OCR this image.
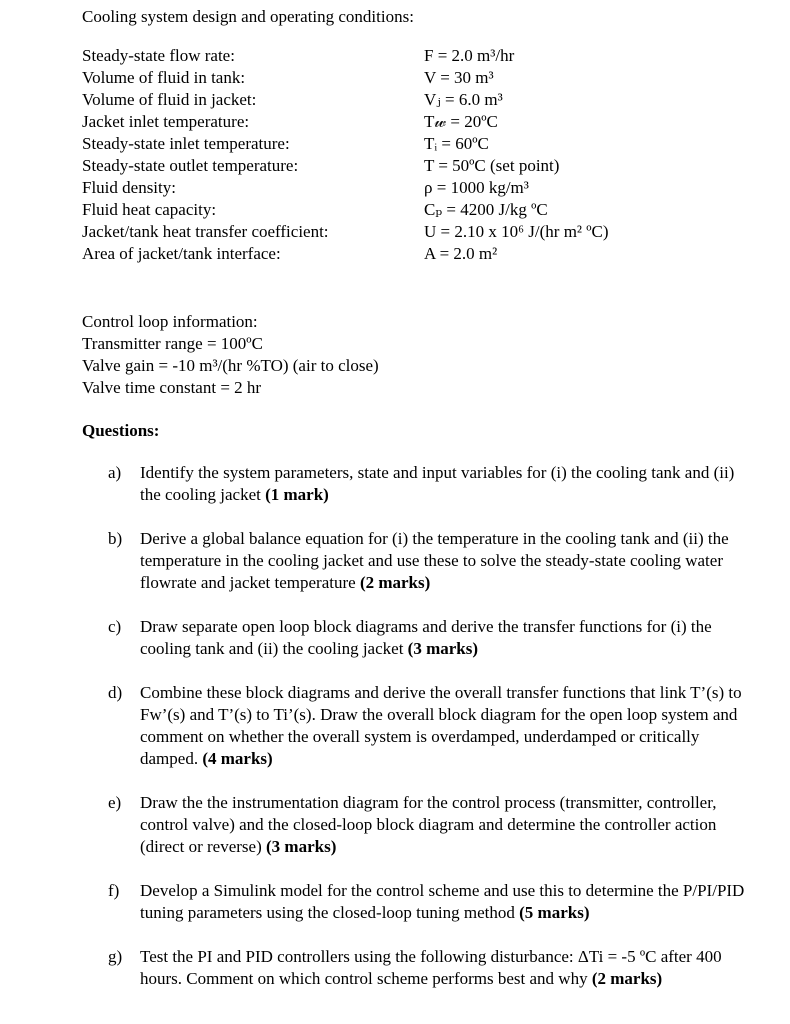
Cooling system design and operating conditions:
Steady-state flow rate:	F = 2.0 m³/hr
Volume of fluid in tank:	V = 30 m³
Volume of fluid in jacket:	Vⱼ = 6.0 m³
Jacket inlet temperature:	T𝓌 = 20ºC
Steady-state inlet temperature:	Tᵢ = 60ºC
Steady-state outlet temperature:	T = 50ºC (set point)
Fluid density:	ρ = 1000 kg/m³
Fluid heat capacity:	Cₚ = 4200 J/kg ºC
Jacket/tank heat transfer coefficient:	U = 2.10 x 10⁶ J/(hr m² ºC)
Area of jacket/tank interface:	A = 2.0 m²
Control loop information:
Transmitter range = 100ºC
Valve gain = -10 m³/(hr %TO) (air to close)
Valve time constant = 2 hr
Questions:
a) Identify the system parameters, state and input variables for (i) the cooling tank and (ii) the cooling jacket (1 mark)
b) Derive a global balance equation for (i) the temperature in the cooling tank and (ii) the temperature in the cooling jacket and use these to solve the steady-state cooling water flowrate and jacket temperature (2 marks)
c) Draw separate open loop block diagrams and derive the transfer functions for (i) the cooling tank and (ii) the cooling jacket (3 marks)
d) Combine these block diagrams and derive the overall transfer functions that link T’(s) to Fw’(s) and T’(s) to Ti’(s). Draw the overall block diagram for the open loop system and comment on whether the overall system is overdamped, underdamped or critically damped. (4 marks)
e) Draw the the instrumentation diagram for the control process (transmitter, controller, control valve) and the closed-loop block diagram and determine the controller action (direct or reverse) (3 marks)
f) Develop a Simulink model for the control scheme and use this to determine the P/PI/PID tuning parameters using the closed-loop tuning method (5 marks)
g) Test the PI and PID controllers using the following disturbance: ΔTi = -5 ºC after 400 hours. Comment on which control scheme performs best and why (2 marks)
